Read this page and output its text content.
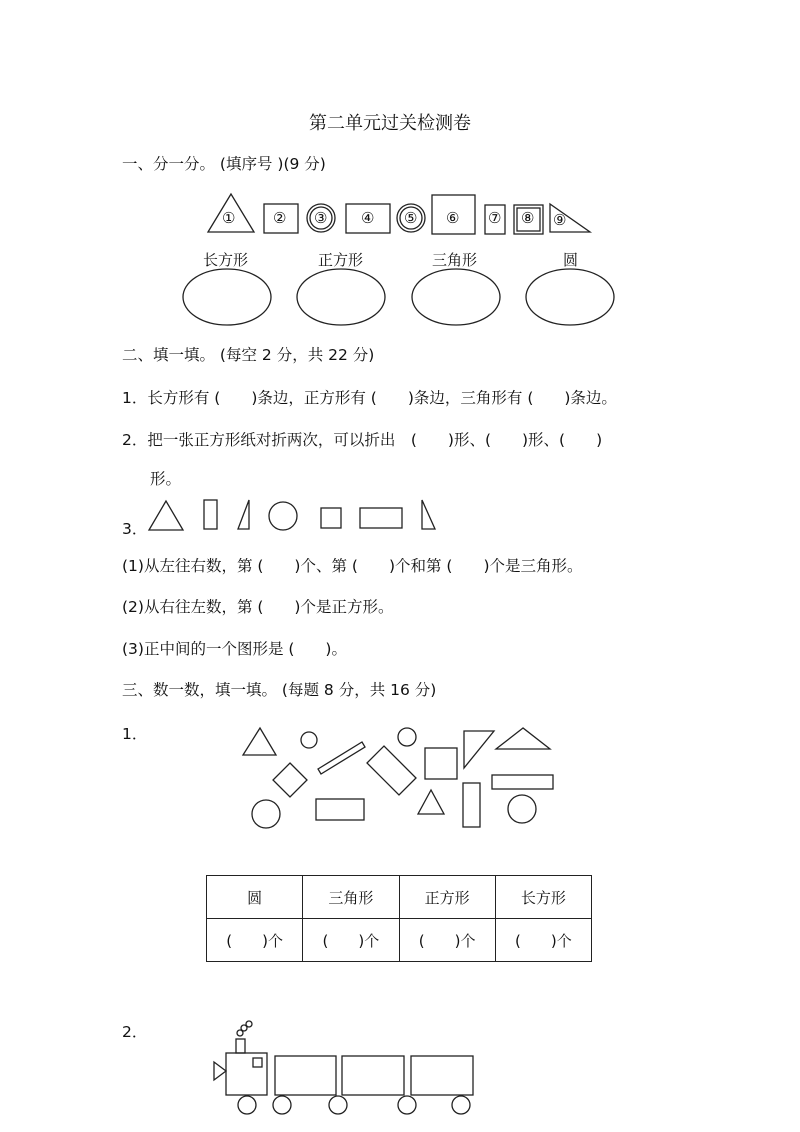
第二单元过关检测卷
一、分一分。 (填序号 )(9 分)
①	② ③ ④ ⑤ ⑥ ⑦ ⑧ ⑨
长方形	正方形	三角形	圆
二、填一填。 (每空 2 分，共 22 分)
1．长方形有 (　　)条边，正方形有 (　　)条边，三角形有 (　　)条边。
2．把一张正方形纸对折两次，可以折出　(　　)形、(　　)形、(　　)
形。
3．
(1)从左往右数，第 (　　)个、第 (　　)个和第 (　　)个是三角形。
(2)从右往左数，第 (　　)个是正方形。
(3)正中间的一个图形是 (　　)。
三、数一数，填一填。 (每题 8 分，共 16 分)
1．
圆	三角形	正方形	长方形
(　　)个	(　　)个	(　　)个	(　　)个
2．
